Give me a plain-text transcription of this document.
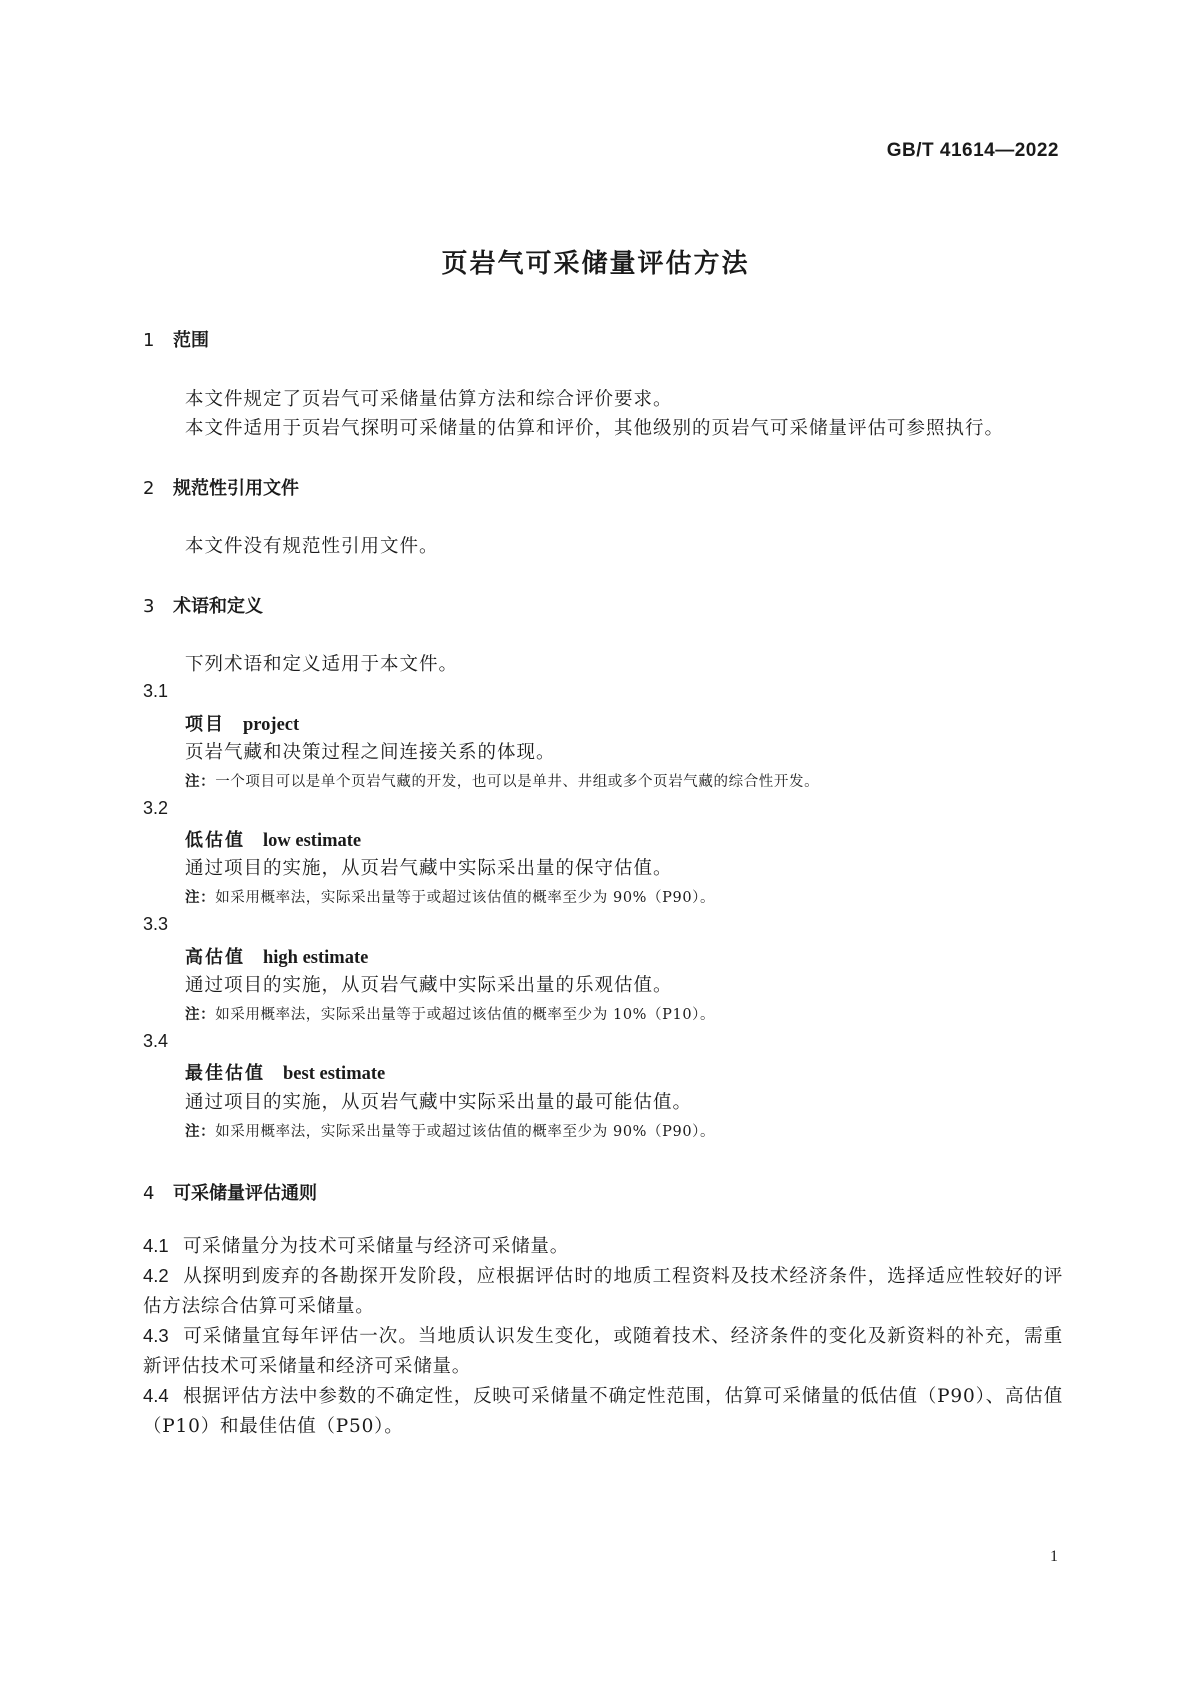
GB/T 41614—2022
页岩气可采储量评估方法
1 范围
本文件规定了页岩气可采储量估算方法和综合评价要求。
本文件适用于页岩气探明可采储量的估算和评价，其他级别的页岩气可采储量评估可参照执行。
2 规范性引用文件
本文件没有规范性引用文件。
3 术语和定义
下列术语和定义适用于本文件。
3.1
项目 project
页岩气藏和决策过程之间连接关系的体现。
注：一个项目可以是单个页岩气藏的开发，也可以是单井、井组或多个页岩气藏的综合性开发。
3.2
低估值 low estimate
通过项目的实施，从页岩气藏中实际采出量的保守估值。
注：如采用概率法，实际采出量等于或超过该估值的概率至少为 90%（P90）。
3.3
高估值 high estimate
通过项目的实施，从页岩气藏中实际采出量的乐观估值。
注：如采用概率法，实际采出量等于或超过该估值的概率至少为 10%（P10）。
3.4
最佳估值 best estimate
通过项目的实施，从页岩气藏中实际采出量的最可能估值。
注：如采用概率法，实际采出量等于或超过该估值的概率至少为 90%（P90）。
4 可采储量评估通则
4.1 可采储量分为技术可采储量与经济可采储量。
4.2 从探明到废弃的各勘探开发阶段，应根据评估时的地质工程资料及技术经济条件，选择适应性较好的评估方法综合估算可采储量。
4.3 可采储量宜每年评估一次。当地质认识发生变化，或随着技术、经济条件的变化及新资料的补充，需重新评估技术可采储量和经济可采储量。
4.4 根据评估方法中参数的不确定性，反映可采储量不确定性范围，估算可采储量的低估值（P90）、高估值（P10）和最佳估值（P50）。
1
